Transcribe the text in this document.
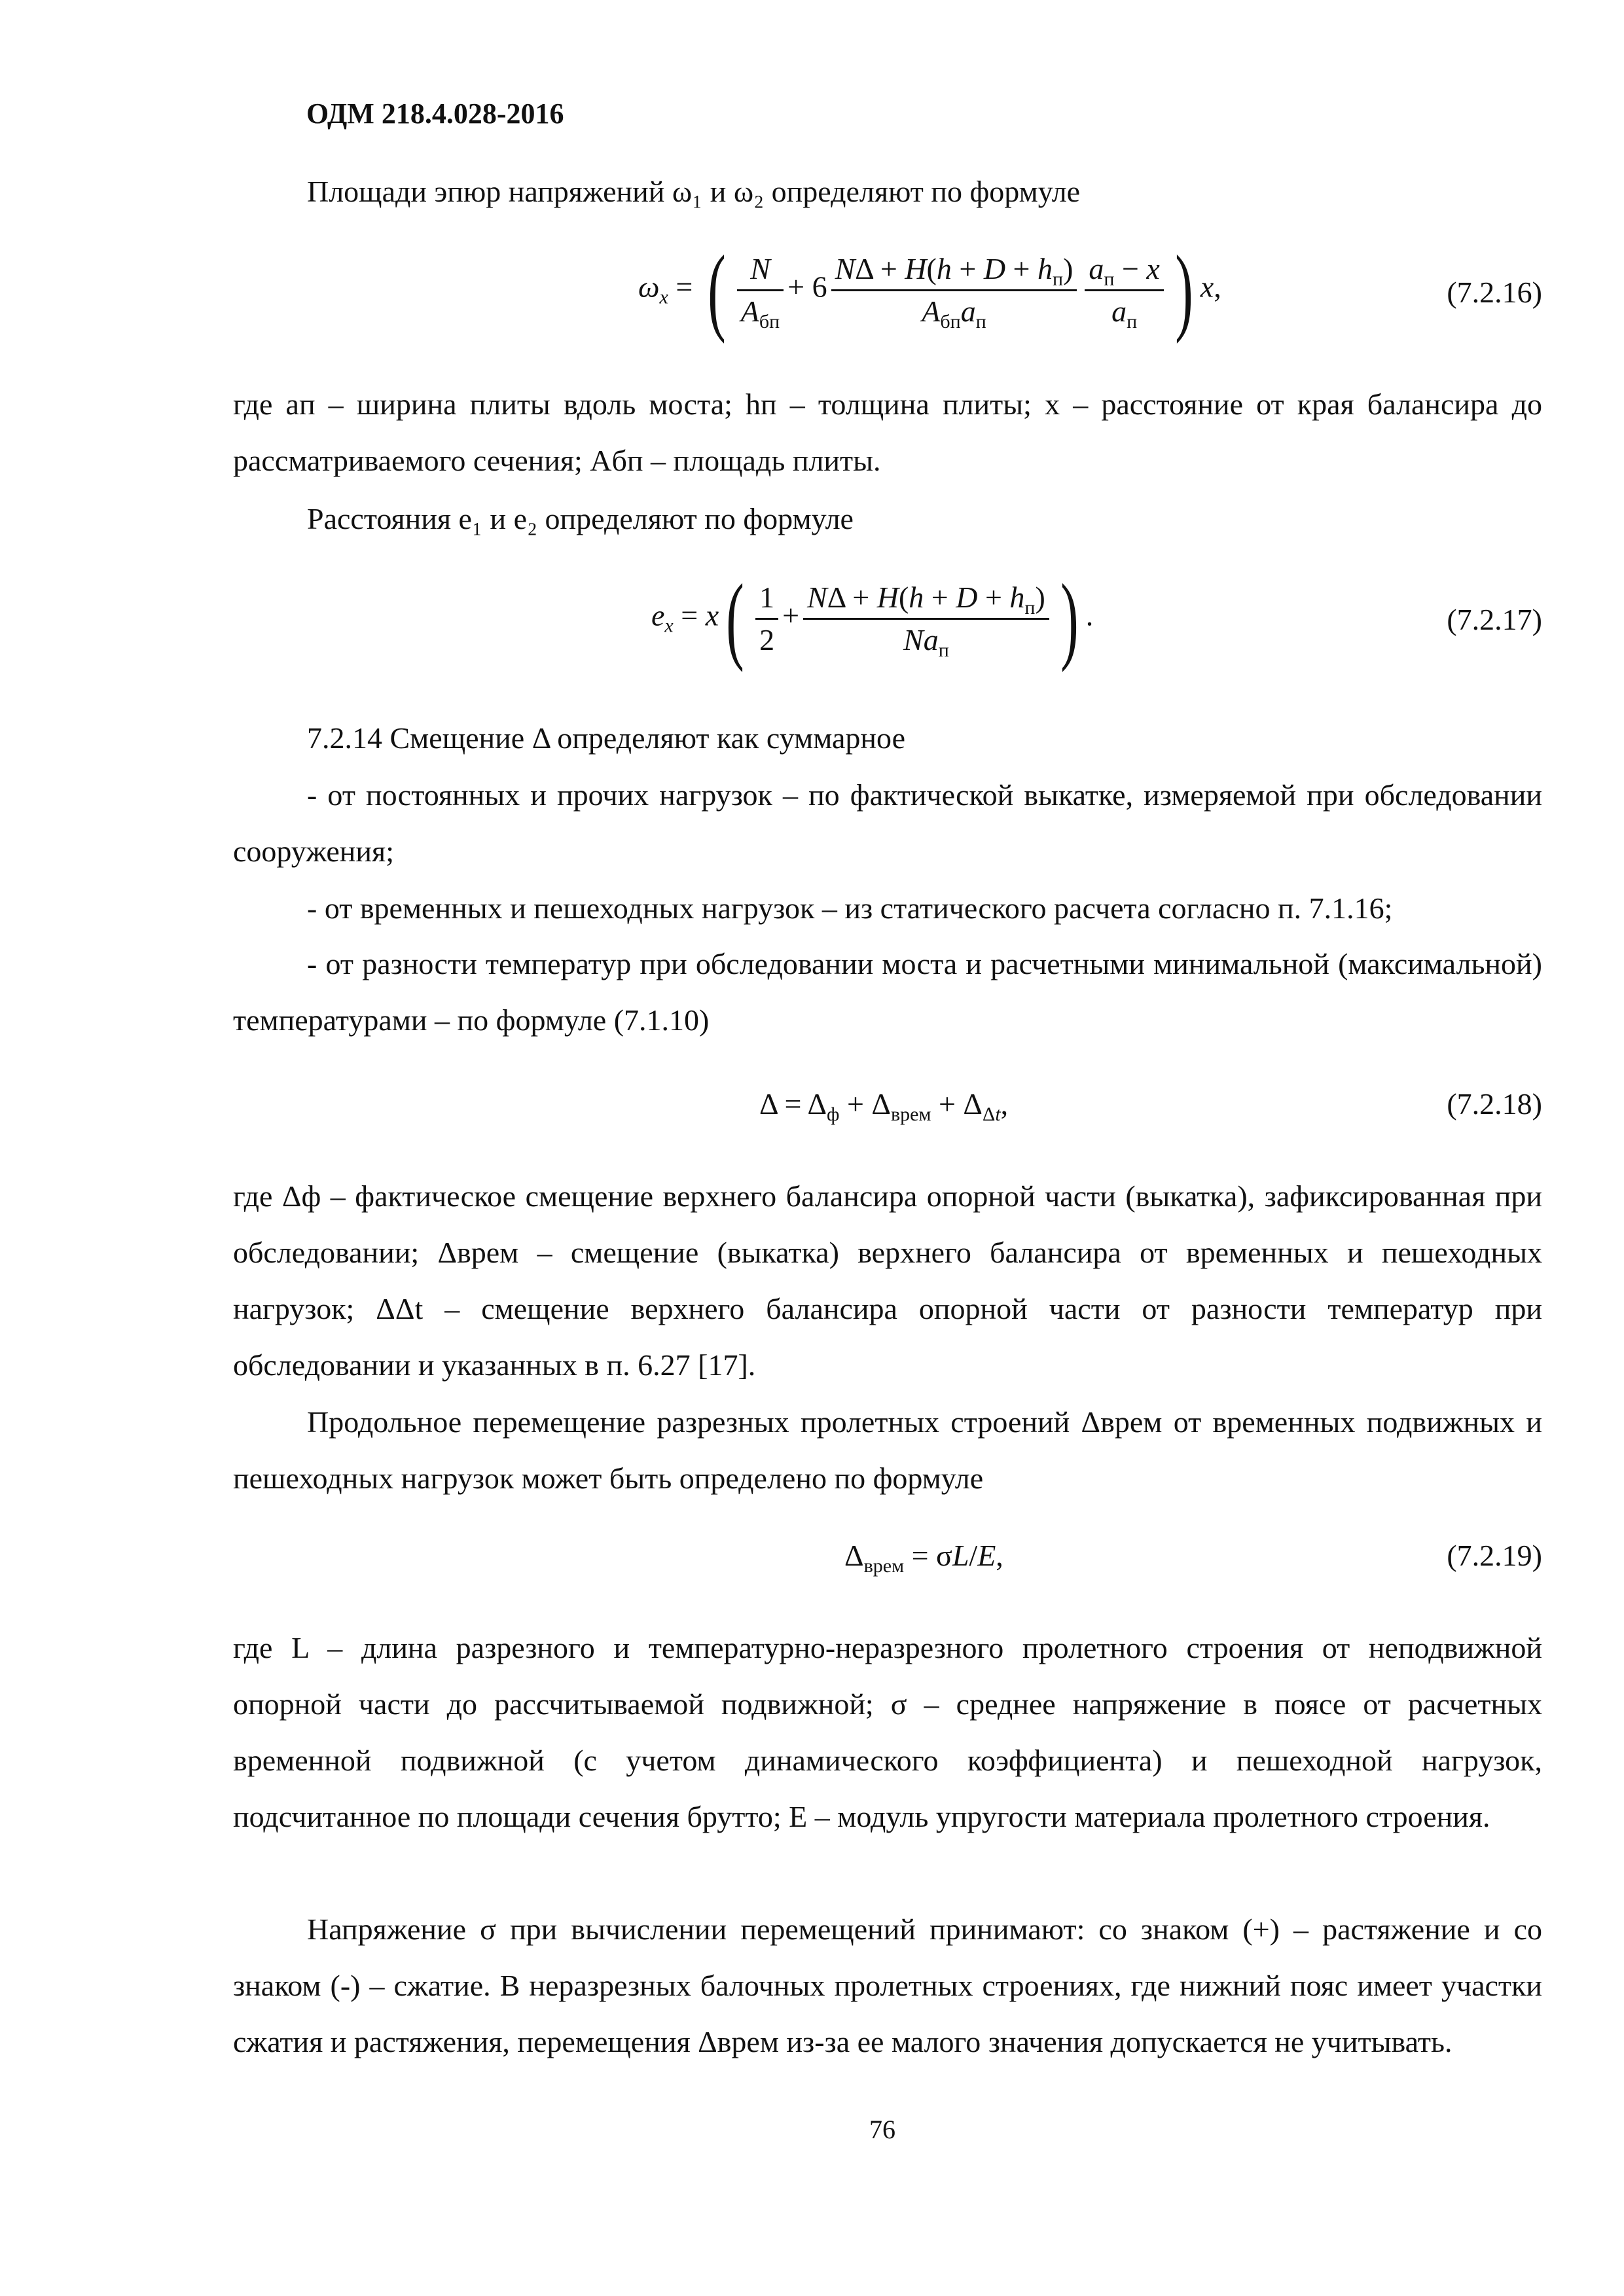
ОДМ 218.4.028-2016
Площади эпюр напряжений ω₁ и ω₂ определяют по формуле
$\omega_x$ = ( $\frac{N}{A_{бп}} + 6 \frac{N\Delta + H(h + D + h_п)}{A_{бп}a_п} \frac{a_п - x}{a_п}$ ) x,	(7.2.16)
где aп – ширина плиты вдоль моста; hп – толщина плиты; x – расстояние от края балансира до рассматриваемого сечения; Aбп – площадь плиты.
Расстояния e₁ и e₂ определяют по формуле
$e_x = x( \frac{1}{2} + \frac{N\Delta + H(h + D + h_п)}{Na_п}$ ) .	(7.2.17)
7.2.14 Смещение Δ определяют как суммарное
- от постоянных и прочих нагрузок – по фактической выкатке, измеряемой при обследовании сооружения;
- от временных и пешеходных нагрузок – из статического расчета согласно п. 7.1.16;
- от разности температур при обследовании моста и расчетными минимальной (максимальной) температурами – по формуле (7.1.10)
$\Delta = \Delta_ф + \Delta_{врем} + \Delta_{\Delta t}$,	(7.2.18)
где Δф – фактическое смещение верхнего балансира опорной части (выкатка), зафиксированная при обследовании; Δврем – смещение (выкатка) верхнего балансира от временных и пешеходных нагрузок; ΔΔt – смещение верхнего балансира опорной части от разности температур при обследовании и указанных в п. 6.27 [17].
Продольное перемещение разрезных пролетных строений Δврем от временных подвижных и пешеходных нагрузок может быть определено по формуле
$\Delta_{врем} = \sigma L/E$,	(7.2.19)
где L – длина разрезного и температурно-неразрезного пролетного строения от неподвижной опорной части до рассчитываемой подвижной; σ – среднее напряжение в поясе от расчетных временной подвижной (с учетом динамического коэффициента) и пешеходной нагрузок, подсчитанное по площади сечения брутто; E – модуль упругости материала пролетного строения.
Напряжение σ при вычислении перемещений принимают: со знаком (+) – растяжение и со знаком (-) – сжатие. В неразрезных балочных пролетных строениях, где нижний пояс имеет участки сжатия и растяжения, перемещения Δврем из-за ее малого значения допускается не учитывать.
76
